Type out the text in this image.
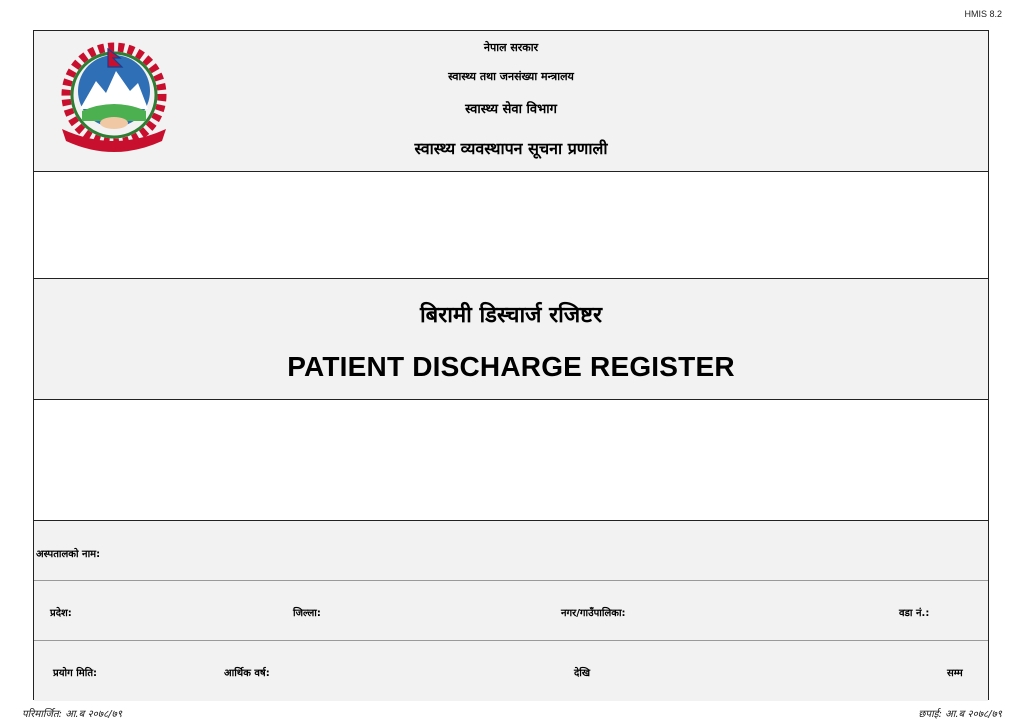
HMIS 8.2
नेपाल सरकार
स्वास्थ्य तथा जनसंख्या मन्त्रालय
स्वास्थ्य सेवा विभाग
स्वास्थ्य व्यवस्थापन सूचना प्रणाली
बिरामी डिस्चार्ज रजिष्टर
PATIENT DISCHARGE REGISTER
अस्पतालको नाम:
प्रदेश:	जिल्ला:	नगर/गाउँपालिका:	वडा नं.:
प्रयोग मिति:	आर्थिक वर्ष:	देखि	सम्म
परिमार्जित: आ.ब २०७८/७९	छपाई: आ.ब २०७८/७९
